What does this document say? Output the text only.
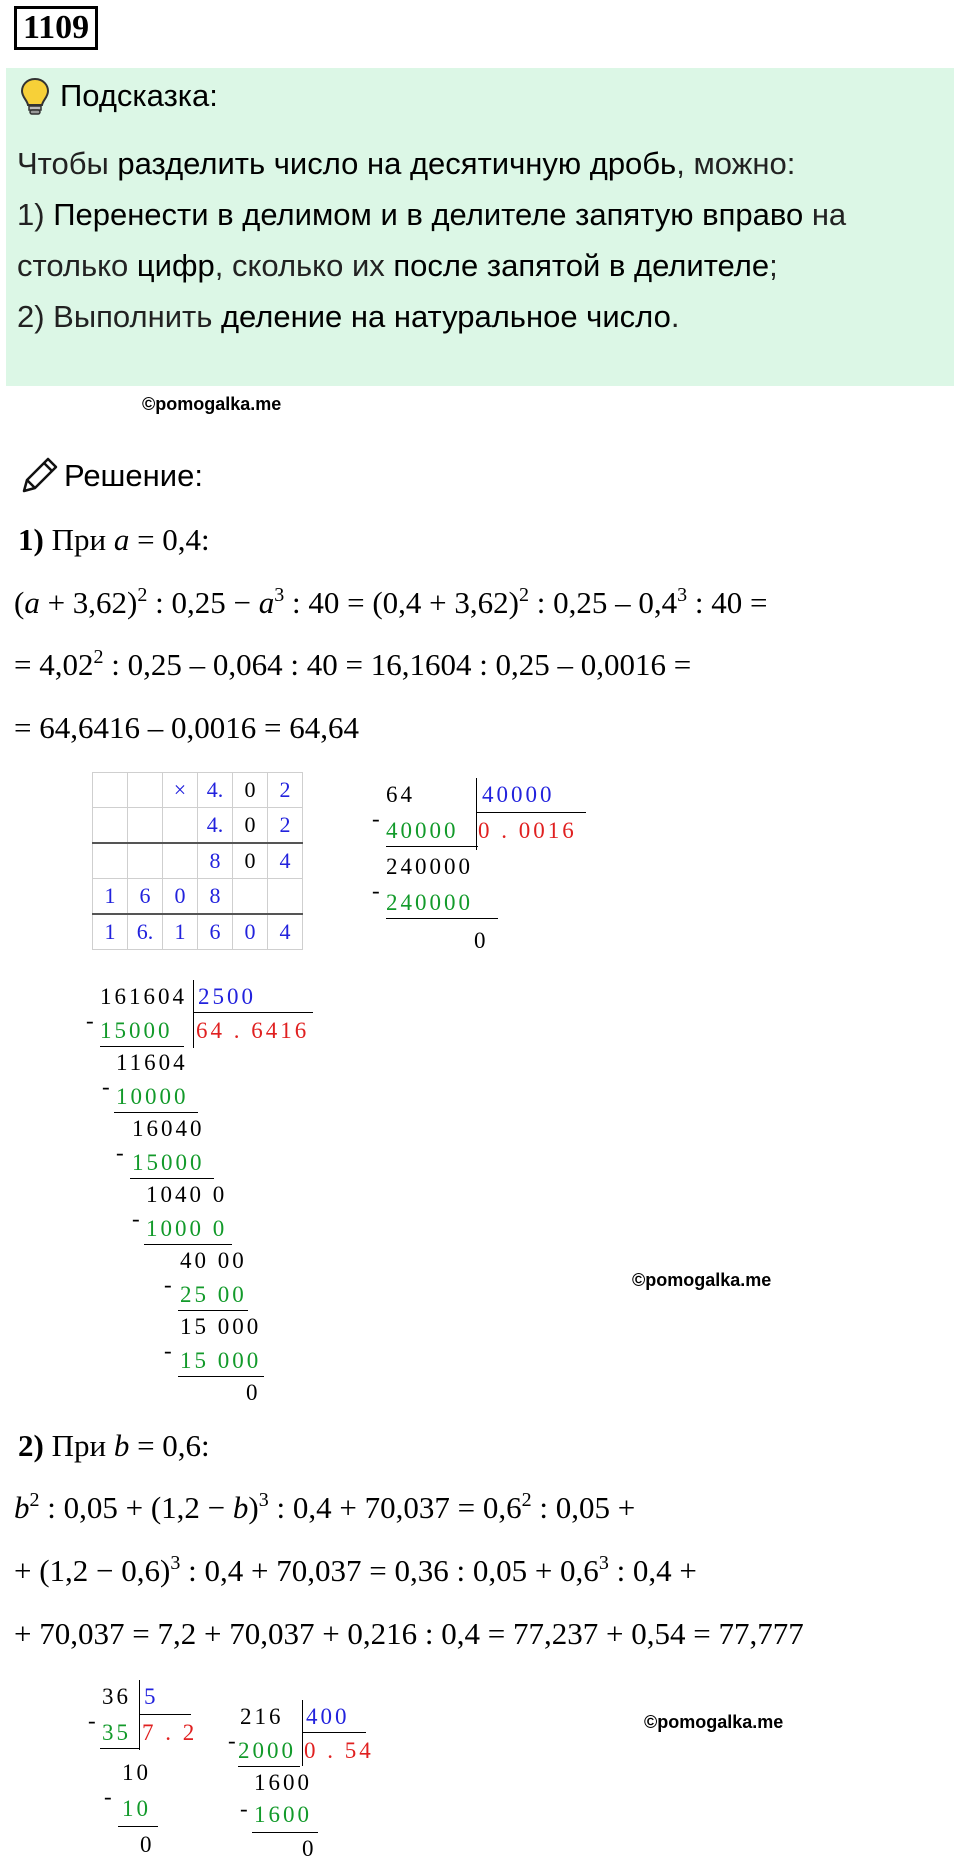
1109
Подсказка:
Чтобы разделить число на десятичную дробь, можно:
1) Перенести в делимом и в делителе запятую вправо на
столько цифр, сколько их после запятой в делителе;
2) Выполнить деление на натуральное число.
©pomogalka.me
Решение:
1) При a = 0,4:
$(a + 3,62)^2$ : $0,25 - a^3$ : $40 = (0,4 + 3,62)^2$ : $0,25 - 0,4^3$ : 40 =
= $4,02^2$ : 0,25 – 0,064 : 40 = 16,1604 : 0,25 – 0,0016 =
= 64,6416 – 0,0016 = 64,64
		×	4.	0	2
			4.	0	2
			8	0	4
1	6	0	8		
1	6.	1	6	0	4
64	40000
- 40000 0 . 0016
240000
- 240000
0
161604 2500
- 15000 64 . 6416
11604
- 10000
16040
- 15000
1040 0
- 1000 0
40 00
- 25 00
15 000
- 15 000
0
©pomogalka.me
2) При b = 0,6:
$b^2$ : $0,05 + (1,2 - b)^3$ : $0,4 + 70,037 = 0,6^2$ : 0,05 +
+ $(1,2 - 0,6)^3$ : 0,4 + 70,037 = 0,36 : $0,05 + 0,6^3$ : 0,4 +
+ 70,037 = 7,2 + 70,037 + 0,216 : 0,4 = 77,237 + 0,54 = 77,777
36 5
- 35 7 . 2
10
- 10
0
216 400
- 2000 0 . 54
1600
- 1600
0
©pomogalka.me
